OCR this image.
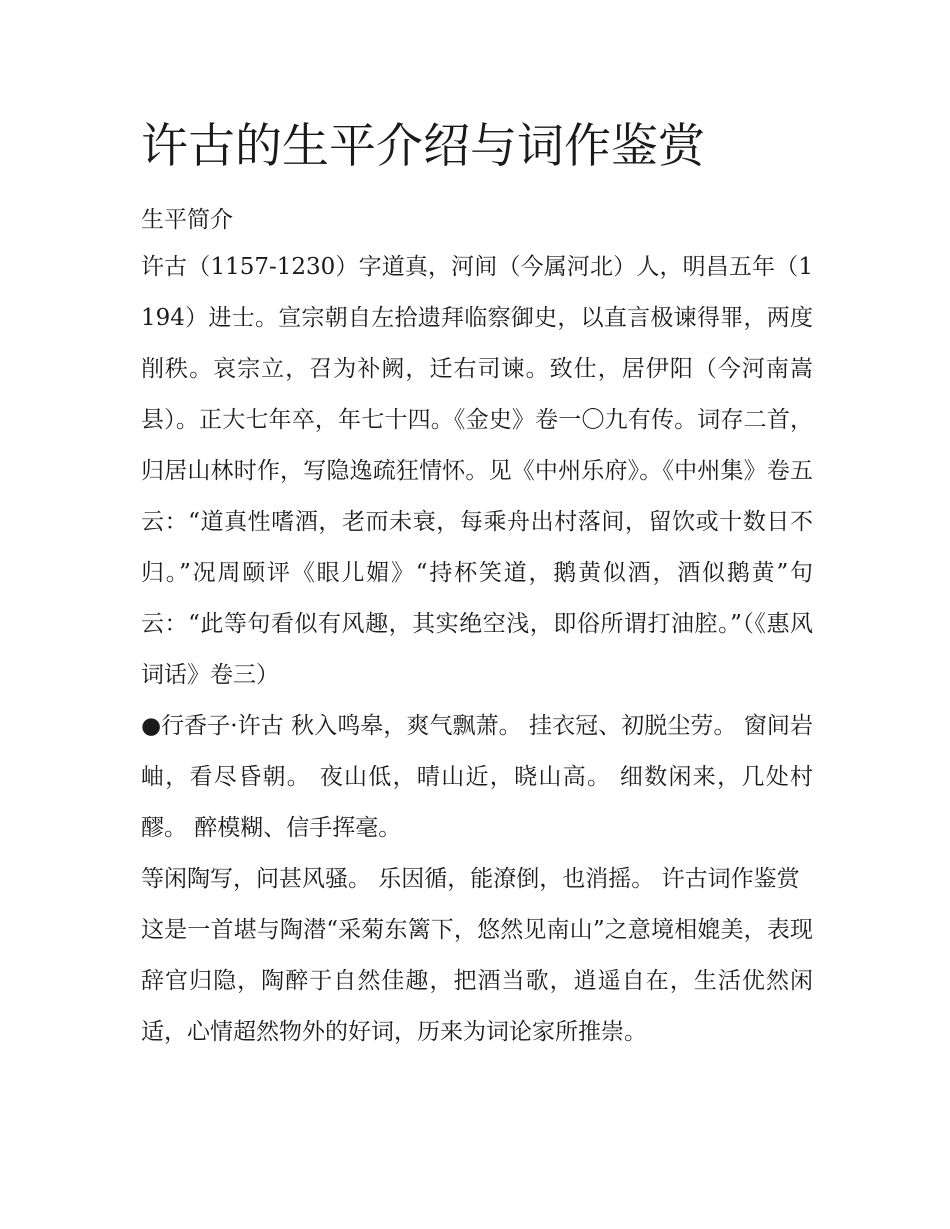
许古的生平介绍与词作鉴赏
生平简介

许古（1157-1230）字道真，河间（今属河北）人，明昌五年（1194）进士。宣宗朝自左拾遗拜临察御史，以直言极谏得罪，两度削秩。哀宗立，召为补阙，迁右司谏。致仕，居伊阳（今河南嵩县）。正大七年卒，年七十四。《金史》卷一〇九有传。词存二首，归居山林时作，写隐逸疏狂情怀。见《中州乐府》。《中州集》卷五云：“道真性嗜酒，老而未衰，每乘舟出村落间，留饮或十数日不归。”况周颐评《眼儿媚》“持杯笑道，鹅黄似酒，酒似鹅黄”句云：“此等句看似有风趣，其实绝空浅，即俗所谓打油腔。”（《惠风词话》卷三）

●行香子·许古 秋入鸣皋，爽气飘萧。 挂衣冠、初脱尘劳。 窗间岩岫，看尽昏朝。 夜山低，晴山近，晓山高。 细数闲来，几处村醪。 醉模糊、信手挥毫。

等闲陶写，问甚风骚。 乐因循，能潦倒，也消摇。 许古词作鉴赏

这是一首堪与陶潜“采菊东篱下，悠然见南山”之意境相媲美，表现辞官归隐，陶醉于自然佳趣，把酒当歌，逍遥自在，生活优然闲适，心情超然物外的好词，历来为词论家所推崇。
